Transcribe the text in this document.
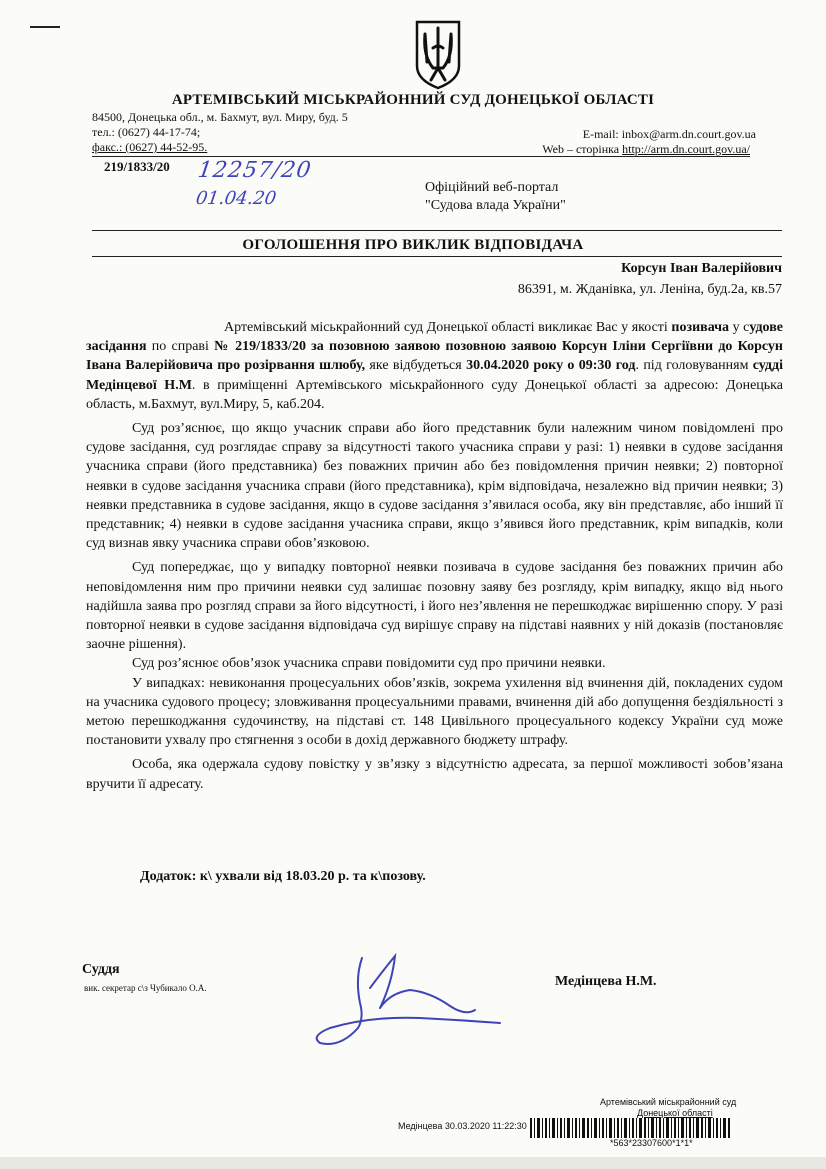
АРТЕМІВСЬКИЙ МІСЬКРАЙОННИЙ СУД ДОНЕЦЬКОЇ ОБЛАСТІ
84500, Донецька обл., м. Бахмут, вул. Миру, буд. 5
тел.: (0627) 44-17-74;
факс.: (0627) 44-52-95.
E-mail: inbox@arm.dn.court.gov.ua
Web – сторінка http://arm.dn.court.gov.ua/
219/1833/20 12257/20
01.04.20
Офіційний веб-портал
"Судова влада України"
ОГОЛОШЕННЯ ПРО ВИКЛИК ВІДПОВІДАЧА
Корсун Іван Валерійович
86391, м. Жданівка, ул. Леніна, буд.2а, кв.57

Артемівський міськрайонний суд Донецької області викликає Вас у якості позивача у судове засідання по справі № 219/1833/20 за позовною заявою позовною заявою Корсун Ілiни Сергіївни до Корсун Івана Валерійовича про розірвання шлюбу, яке відбудеться 30.04.2020 року о 09:30 год. під головуванням судді Медінцевої Н.М. в приміщенні Артемівського міськрайонного суду Донецької області за адресою: Донецька область, м.Бахмут, вул.Миру, 5, каб.204.

Суд роз’яснює, що якщо учасник справи або його представник були належним чином повідомлені про судове засідання, суд розглядає справу за відсутності такого учасника справи у разі: 1) неявки в судове засідання учасника справи (його представника) без поважних причин або без повідомлення причин неявки; 2) повторної неявки в судове засідання учасника справи (його представника), крім відповідача, незалежно від причин неявки; 3) неявки представника в судове засідання, якщо в судове засідання з’явилася особа, яку він представляє, або інший її представник; 4) неявки в судове засідання учасника справи, якщо з’явився його представник, крім випадків, коли суд визнав явку учасника справи обов’язковою.

Суд попереджає, що у випадку повторної неявки позивача в судове засідання без поважних причин або неповідомлення ним про причини неявки суд залишає позовну заяву без розгляду, крім випадку, якщо від нього надійшла заява про розгляд справи за його відсутності, і його нез’явлення не перешкоджає вирішенню спору. У разі повторної неявки в судове засідання відповідача суд вирішує справу на підставі наявних у ній доказів (постановляє заочне рішення).

Суд роз’яснює обов’язок учасника справи повідомити суд про причини неявки.

У випадках: невиконання процесуальних обов’язків, зокрема ухилення від вчинення дій, покладених судом на учасника судового процесу; зловживання процесуальними правами, вчинення дій або допущення бездіяльності з метою перешкоджання судочинству, на підставі ст. 148 Цивільного процесуального кодексу України суд може постановити ухвалу про стягнення з особи в дохід державного бюджету штрафу.

Особа, яка одержала судову повістку у зв’язку з відсутністю адресата, за першої можливості зобов’язана вручити її адресату.

Додаток: к\ ухвали від 18.03.20 р. та к\позову.
Суддя
вик. секретар с\з Чубикало О.А.	Медінцева Н.М.
Артемівський міськрайонний суд
Донецької області
Медінцева 30.03.2020 11:22:30
*563*23307600*1*1*
